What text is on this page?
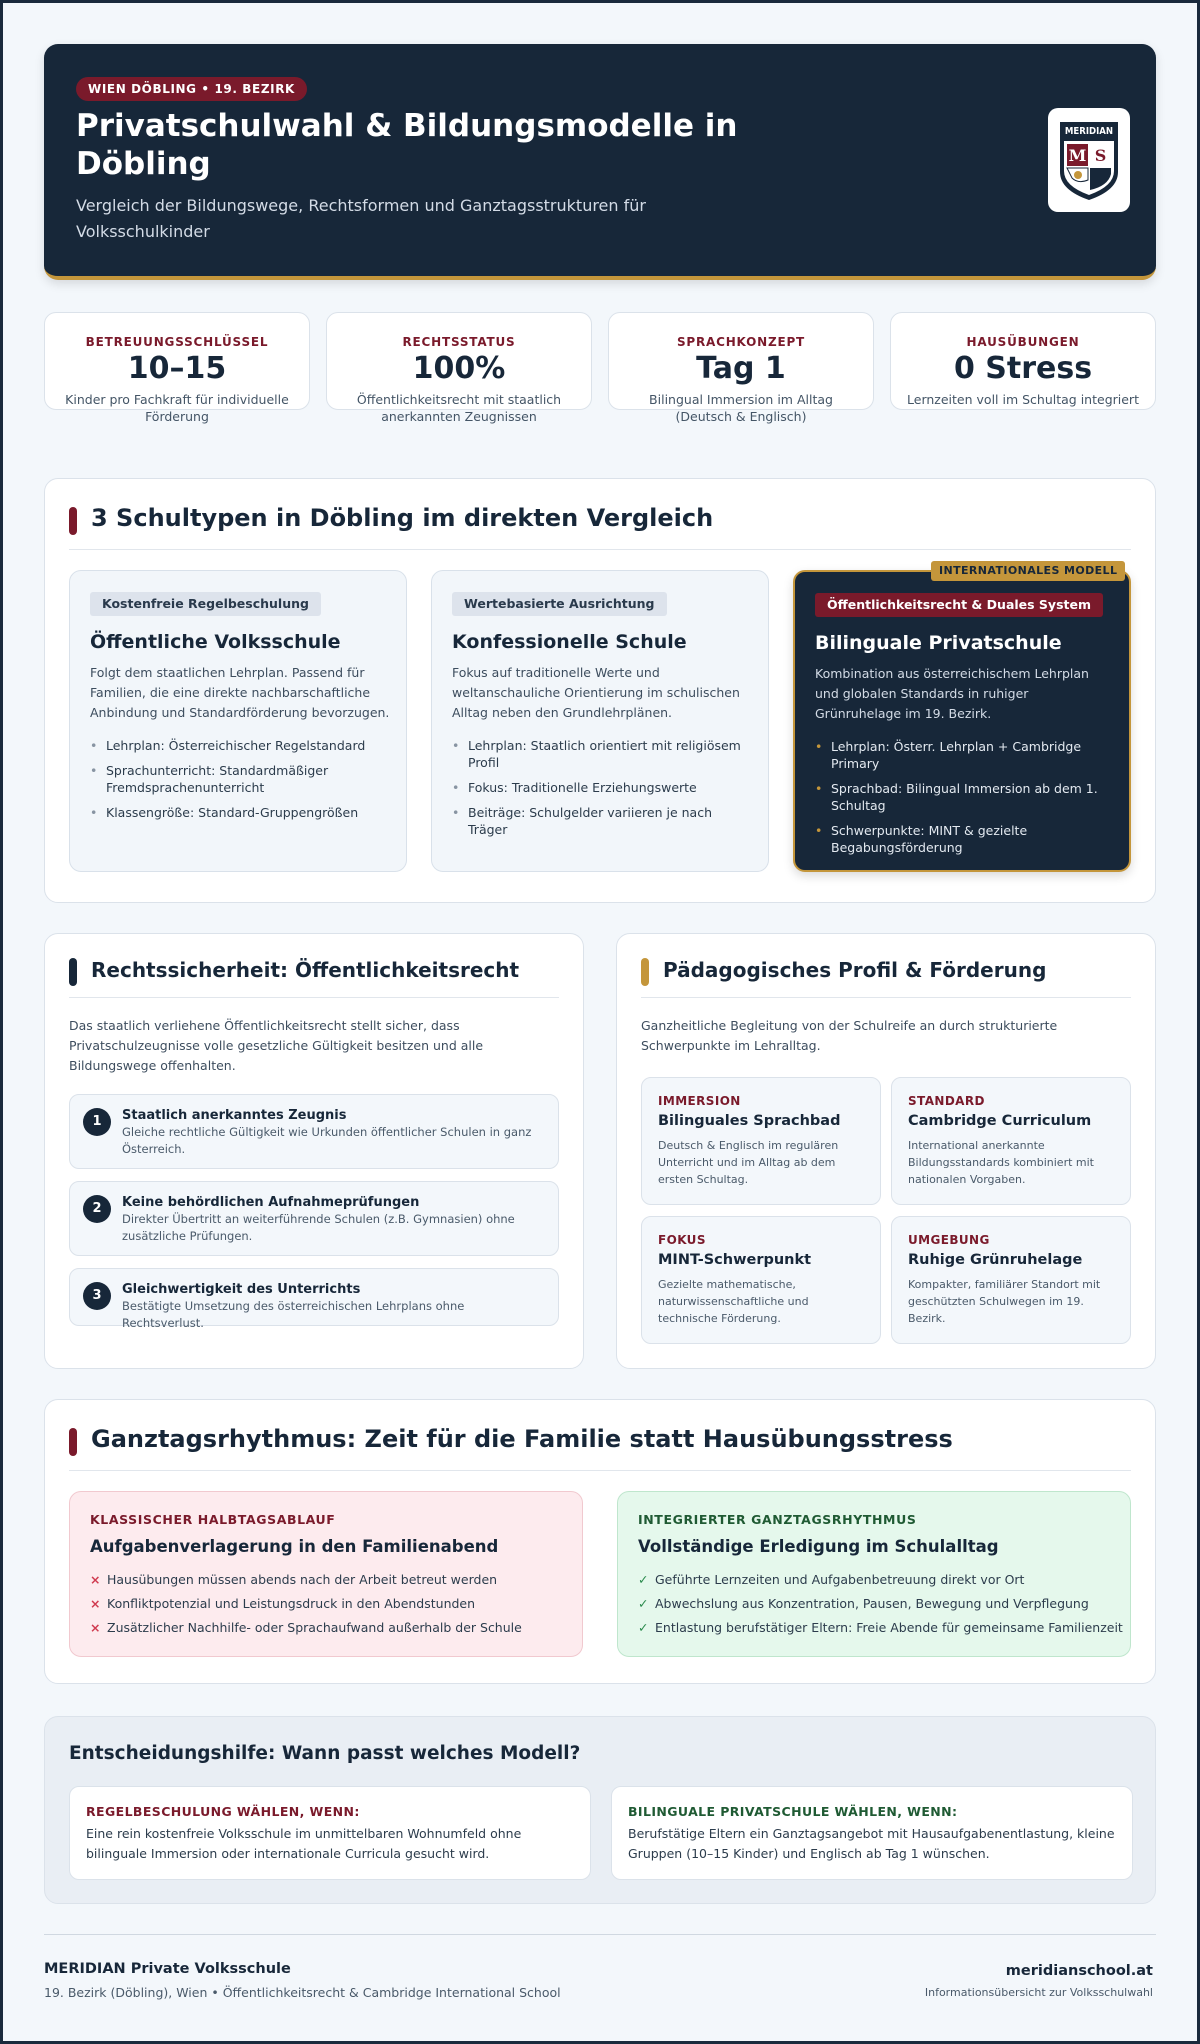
WIEN DÖBLING • 19. BEZIRK
Privatschulwahl & Bildungsmodelle in Döbling
Vergleich der Bildungswege, Rechtsformen und Ganztagsstrukturen für Volksschulkinder
MERIDIAN
M S
BETREUUNGSSCHLÜSSEL
10–15
Kinder pro Fachkraft für individuelle Förderung
RECHTSSTATUS
100%
Öffentlichkeitsrecht mit staatlich anerkannten Zeugnissen
SPRACHKONZEPT
Tag 1
Bilingual Immersion im Alltag (Deutsch & Englisch)
HAUSÜBUNGEN
0 Stress
Lernzeiten voll im Schultag integriert
3 Schultypen in Döbling im direkten Vergleich
Kostenfreie Regelbeschulung
Öffentliche Volksschule
Folgt dem staatlichen Lehrplan. Passend für Familien, die eine direkte nachbarschaftliche Anbindung und Standardförderung bevorzugen.
• Lehrplan: Österreichischer Regelstandard
• Sprachunterricht: Standardmäßiger Fremdsprachenunterricht
• Klassengröße: Standard-Gruppengrößen
Wertebasierte Ausrichtung
Konfessionelle Schule
Fokus auf traditionelle Werte und weltanschauliche Orientierung im schulischen Alltag neben den Grundlehrplänen.
• Lehrplan: Staatlich orientiert mit religiösem Profil
• Fokus: Traditionelle Erziehungswerte
• Beiträge: Schulgelder variieren je nach Träger
Öffentlichkeitsrecht & Duales System
Bilinguale Privatschule
Kombination aus österreichischem Lehrplan und globalen Standards in ruhiger Grünruhelage im 19. Bezirk.
• Lehrplan: Österr. Lehrplan + Cambridge Primary
• Sprachbad: Bilingual Immersion ab dem 1. Schultag
• Schwerpunkte: MINT & gezielte Begabungsförderung
INTERNATIONALES MODELL
Rechtssicherheit: Öffentlichkeitsrecht
Das staatlich verliehene Öffentlichkeitsrecht stellt sicher, dass Privatschulzeugnisse volle gesetzliche Gültigkeit besitzen und alle Bildungswege offenhalten.
1	Staatlich anerkanntes Zeugnis
Gleiche rechtliche Gültigkeit wie Urkunden öffentlicher Schulen in ganz Österreich.
2	Keine behördlichen Aufnahmeprüfungen
Direkter Übertritt an weiterführende Schulen (z.B. Gymnasien) ohne zusätzliche Prüfungen.
3	Gleichwertigkeit des Unterrichts
Bestätigte Umsetzung des österreichischen Lehrplans ohne Rechtsverlust.
Pädagogisches Profil & Förderung
Ganzheitliche Begleitung von der Schulreife an durch strukturierte Schwerpunkte im Lehralltag.
IMMERSION
Bilinguales Sprachbad
Deutsch & Englisch im regulären Unterricht und im Alltag ab dem ersten Schultag.
STANDARD
Cambridge Curriculum
International anerkannte Bildungsstandards kombiniert mit nationalen Vorgaben.
FOKUS
MINT-Schwerpunkt
Gezielte mathematische, naturwissenschaftliche und technische Förderung.
UMGEBUNG
Ruhige Grünruhelage
Kompakter, familiärer Standort mit geschützten Schulwegen im 19. Bezirk.
Ganztagsrhythmus: Zeit für die Familie statt Hausübungsstress
KLASSISCHER HALBTAGSABLAUF
Aufgabenverlagerung in den Familienabend
× Hausübungen müssen abends nach der Arbeit betreut werden
× Konfliktpotenzial und Leistungsdruck in den Abendstunden
× Zusätzlicher Nachhilfe- oder Sprachaufwand außerhalb der Schule
INTEGRIERTER GANZTAGSRHYTHMUS
Vollständige Erledigung im Schulalltag
✓ Geführte Lernzeiten und Aufgabenbetreuung direkt vor Ort
✓ Abwechslung aus Konzentration, Pausen, Bewegung und Verpflegung
✓ Entlastung berufstätiger Eltern: Freie Abende für gemeinsame Familienzeit
Entscheidungshilfe: Wann passt welches Modell?
REGELBESCHULUNG WÄHLEN, WENN:
Eine rein kostenfreie Volksschule im unmittelbaren Wohnumfeld ohne bilinguale Immersion oder internationale Curricula gesucht wird.
BILINGUALE PRIVATSCHULE WÄHLEN, WENN:
Berufstätige Eltern ein Ganztagsangebot mit Hausaufgabenentlastung, kleine Gruppen (10–15 Kinder) und Englisch ab Tag 1 wünschen.
MERIDIAN Private Volksschule
19. Bezirk (Döbling), Wien • Öffentlichkeitsrecht & Cambridge International School
meridianschool.at
Informationsübersicht zur Volksschulwahl
